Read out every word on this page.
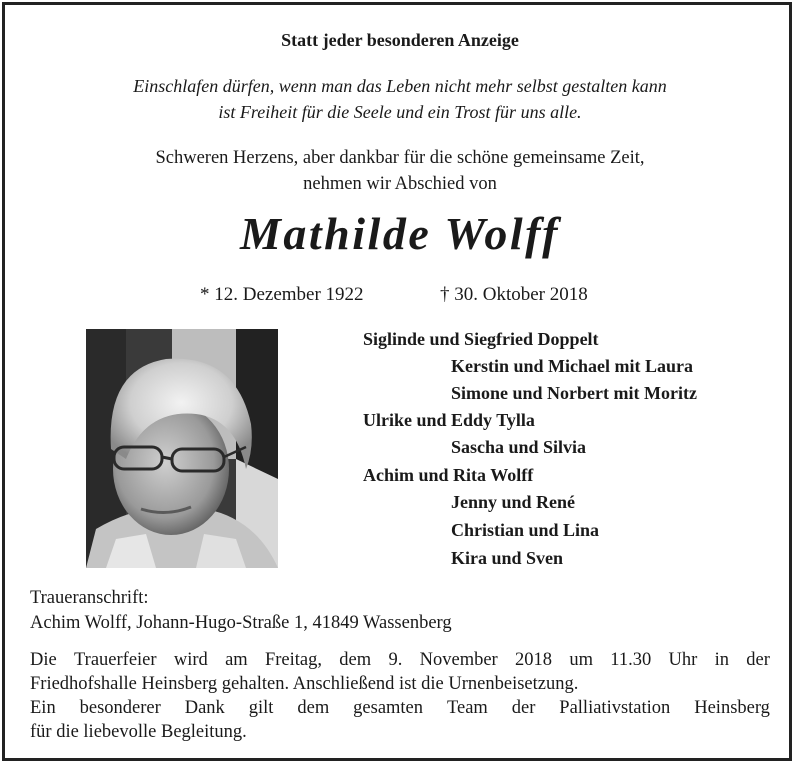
Statt jeder besonderen Anzeige
Einschlafen dürfen, wenn man das Leben nicht mehr selbst gestalten kann
ist Freiheit für die Seele und ein Trost für uns alle.
Schweren Herzens, aber dankbar für die schöne gemeinsame Zeit,
nehmen wir Abschied von
Mathilde Wolff
* 12. Dezember 1922	† 30. Oktober 2018
Siglinde und Siegfried Doppelt
Kerstin und Michael mit Laura
Simone und Norbert mit Moritz
Ulrike und Eddy Tylla
Sascha und Silvia
Achim und Rita Wolff
Jenny und René
Christian und Lina
Kira und Sven
Traueranschrift:
Achim Wolff, Johann-Hugo-Straße 1, 41849 Wassenberg
Die Trauerfeier wird am Freitag, dem 9. November 2018 um 11.30 Uhr in der
Friedhofshalle Heinsberg gehalten. Anschließend ist die Urnenbeisetzung.
Ein besonderer Dank gilt dem gesamten Team der Palliativstation Heinsberg
für die liebevolle Begleitung.
